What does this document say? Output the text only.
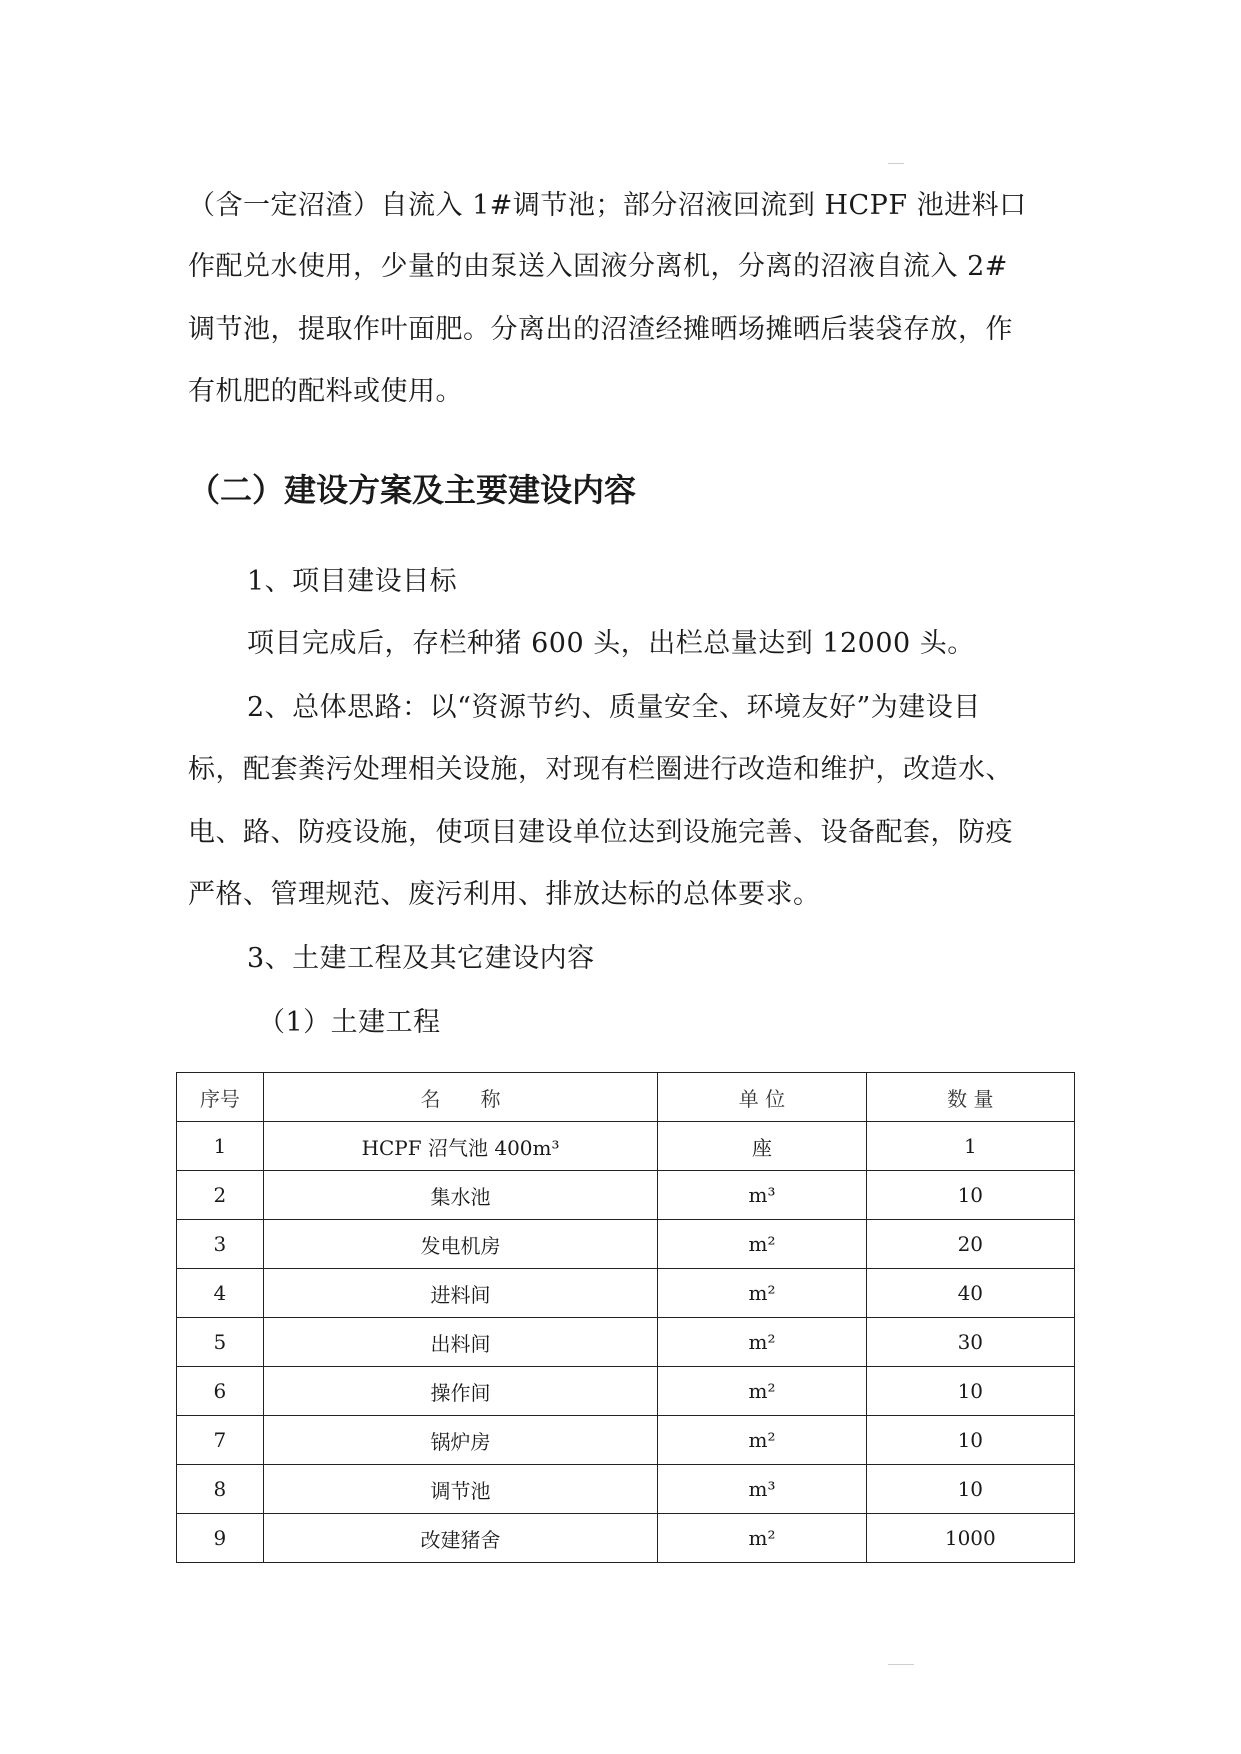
（含一定沼渣）自流入 1#调节池；部分沼液回流到 HCPF 池进料口
作配兑水使用，少量的由泵送入固液分离机，分离的沼液自流入 2#
调节池，提取作叶面肥。分离出的沼渣经摊晒场摊晒后装袋存放，作
有机肥的配料或使用。
（二）建设方案及主要建设内容
1、项目建设目标
项目完成后，存栏种猪 600 头，出栏总量达到 12000 头。
2、总体思路：以“资源节约、质量安全、环境友好”为建设目
标，配套粪污处理相关设施，对现有栏圈进行改造和维护，改造水、
电、路、防疫设施，使项目建设单位达到设施完善、设备配套，防疫
严格、管理规范、废污利用、排放达标的总体要求。
3、土建工程及其它建设内容
（1）土建工程
序号	名　　称	单 位	数 量
1	HCPF 沼气池 400m³	座	1
2	集水池	m³	10
3	发电机房	m²	20
4	进料间	m²	40
5	出料间	m²	30
6	操作间	m²	10
7	锅炉房	m²	10
8	调节池	m³	10
9	改建猪舍	m²	1000
